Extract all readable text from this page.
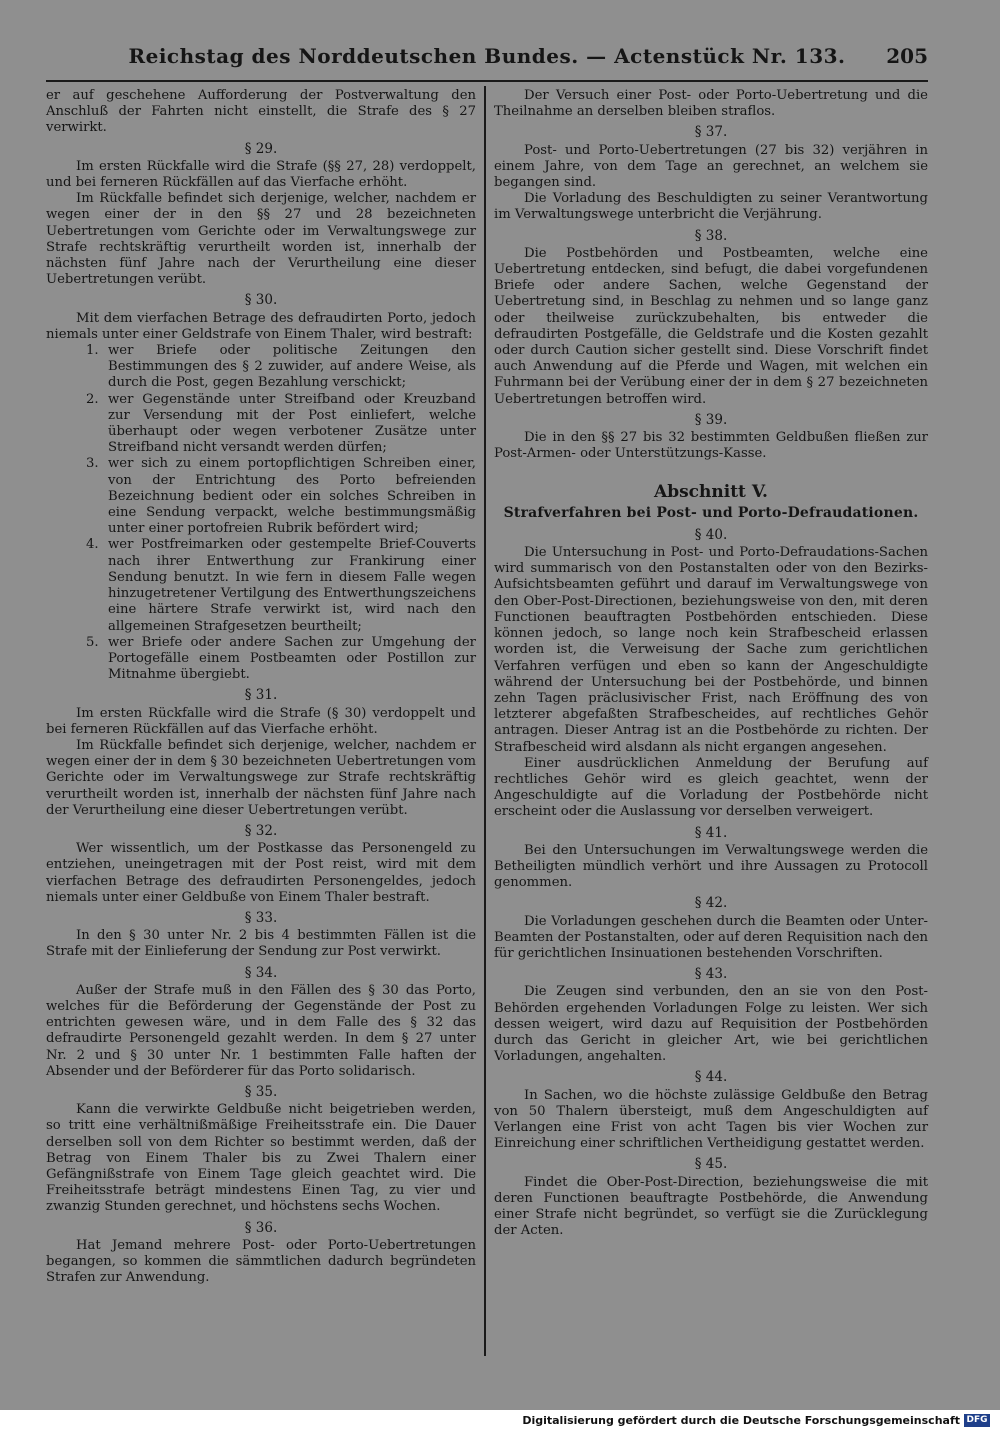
Reichstag des Norddeutschen Bundes. — Actenstück Nr. 133.	205

er auf geschehene Aufforderung der Postverwaltung den Anschluß der Fahrten nicht einstellt, die Strafe des § 27 verwirkt.

§ 29.

Im ersten Rückfalle wird die Strafe (§§ 27, 28) verdoppelt, und bei ferneren Rückfällen auf das Vierfache erhöht.

Im Rückfalle befindet sich derjenige, welcher, nachdem er wegen einer der in den §§ 27 und 28 bezeichneten Uebertretungen vom Gerichte oder im Verwaltungswege zur Strafe rechtskräftig verurtheilt worden ist, innerhalb der nächsten fünf Jahre nach der Verurtheilung eine dieser Uebertretungen verübt.

§ 30.

Mit dem vierfachen Betrage des defraudirten Porto, jedoch niemals unter einer Geldstrafe von Einem Thaler, wird bestraft:

1. wer Briefe oder politische Zeitungen den Bestimmungen des § 2 zuwider, auf andere Weise, als durch die Post, gegen Bezahlung verschickt;
2. wer Gegenstände unter Streifband oder Kreuzband zur Versendung mit der Post einliefert, welche überhaupt oder wegen verbotener Zusätze unter Streifband nicht versandt werden dürfen;
3. wer sich zu einem portopflichtigen Schreiben einer, von der Entrichtung des Porto befreienden Bezeichnung bedient oder ein solches Schreiben in eine Sendung verpackt, welche bestimmungsmäßig unter einer portofreien Rubrik befördert wird;
4. wer Postfreimarken oder gestempelte Brief-Couverts nach ihrer Entwerthung zur Frankirung einer Sendung benutzt. In wie fern in diesem Falle wegen hinzugetretener Vertilgung des Entwerthungszeichens eine härtere Strafe verwirkt ist, wird nach den allgemeinen Strafgesetzen beurtheilt;
5. wer Briefe oder andere Sachen zur Umgehung der Portogefälle einem Postbeamten oder Postillon zur Mitnahme übergiebt.
§ 31.

Im ersten Rückfalle wird die Strafe (§ 30) verdoppelt und bei ferneren Rückfällen auf das Vierfache erhöht.

Im Rückfalle befindet sich derjenige, welcher, nachdem er wegen einer der in dem § 30 bezeichneten Uebertretungen vom Gerichte oder im Verwaltungswege zur Strafe rechtskräftig verurtheilt worden ist, innerhalb der nächsten fünf Jahre nach der Verurtheilung eine dieser Uebertretungen verübt.

§ 32.

Wer wissentlich, um der Postkasse das Personengeld zu entziehen, uneingetragen mit der Post reist, wird mit dem vierfachen Betrage des defraudirten Personengeldes, jedoch niemals unter einer Geldbuße von Einem Thaler bestraft.

§ 33.

In den § 30 unter Nr. 2 bis 4 bestimmten Fällen ist die Strafe mit der Einlieferung der Sendung zur Post verwirkt.

§ 34.

Außer der Strafe muß in den Fällen des § 30 das Porto, welches für die Beförderung der Gegenstände der Post zu entrichten gewesen wäre, und in dem Falle des § 32 das defraudirte Personengeld gezahlt werden. In dem § 27 unter Nr. 2 und § 30 unter Nr. 1 bestimmten Falle haften der Absender und der Beförderer für das Porto solidarisch.

§ 35.

Kann die verwirkte Geldbuße nicht beigetrieben werden, so tritt eine verhältnißmäßige Freiheitsstrafe ein. Die Dauer derselben soll von dem Richter so bestimmt werden, daß der Betrag von Einem Thaler bis zu Zwei Thalern einer Gefängnißstrafe von Einem Tage gleich geachtet wird. Die Freiheitsstrafe beträgt mindestens Einen Tag, zu vier und zwanzig Stunden gerechnet, und höchstens sechs Wochen.

§ 36.

Hat Jemand mehrere Post- oder Porto-Uebertretungen begangen, so kommen die sämmtlichen dadurch begründeten Strafen zur Anwendung.

Der Versuch einer Post- oder Porto-Uebertretung und die Theilnahme an derselben bleiben straflos.

§ 37.

Post- und Porto-Uebertretungen (27 bis 32) verjähren in einem Jahre, von dem Tage an gerechnet, an welchem sie begangen sind.

Die Vorladung des Beschuldigten zu seiner Verantwortung im Verwaltungswege unterbricht die Verjährung.

§ 38.

Die Postbehörden und Postbeamten, welche eine Uebertretung entdecken, sind befugt, die dabei vorgefundenen Briefe oder andere Sachen, welche Gegenstand der Uebertretung sind, in Beschlag zu nehmen und so lange ganz oder theilweise zurückzubehalten, bis entweder die defraudirten Postgefälle, die Geldstrafe und die Kosten gezahlt oder durch Caution sicher gestellt sind. Diese Vorschrift findet auch Anwendung auf die Pferde und Wagen, mit welchen ein Fuhrmann bei der Verübung einer der in dem § 27 bezeichneten Uebertretungen betroffen wird.

§ 39.

Die in den §§ 27 bis 32 bestimmten Geldbußen fließen zur Post-Armen- oder Unterstützungs-Kasse.

Abschnitt V.
Strafverfahren bei Post- und Porto-Defraudationen.
§ 40.

Die Untersuchung in Post- und Porto-Defraudations-Sachen wird summarisch von den Postanstalten oder von den Bezirks-Aufsichtsbeamten geführt und darauf im Verwaltungswege von den Ober-Post-Directionen, beziehungsweise von den, mit deren Functionen beauftragten Postbehörden entschieden. Diese können jedoch, so lange noch kein Strafbescheid erlassen worden ist, die Verweisung der Sache zum gerichtlichen Verfahren verfügen und eben so kann der Angeschuldigte während der Untersuchung bei der Postbehörde, und binnen zehn Tagen präclusivischer Frist, nach Eröffnung des von letzterer abgefaßten Strafbescheides, auf rechtliches Gehör antragen. Dieser Antrag ist an die Postbehörde zu richten. Der Strafbescheid wird alsdann als nicht ergangen angesehen.

Einer ausdrücklichen Anmeldung der Berufung auf rechtliches Gehör wird es gleich geachtet, wenn der Angeschuldigte auf die Vorladung der Postbehörde nicht erscheint oder die Auslassung vor derselben verweigert.

§ 41.

Bei den Untersuchungen im Verwaltungswege werden die Betheiligten mündlich verhört und ihre Aussagen zu Protocoll genommen.

§ 42.

Die Vorladungen geschehen durch die Beamten oder Unter-Beamten der Postanstalten, oder auf deren Requisition nach den für gerichtlichen Insinuationen bestehenden Vorschriften.

§ 43.

Die Zeugen sind verbunden, den an sie von den Post-Behörden ergehenden Vorladungen Folge zu leisten. Wer sich dessen weigert, wird dazu auf Requisition der Postbehörden durch das Gericht in gleicher Art, wie bei gerichtlichen Vorladungen, angehalten.

§ 44.

In Sachen, wo die höchste zulässige Geldbuße den Betrag von 50 Thalern übersteigt, muß dem Angeschuldigten auf Verlangen eine Frist von acht Tagen bis vier Wochen zur Einreichung einer schriftlichen Vertheidigung gestattet werden.

§ 45.

Findet die Ober-Post-Direction, beziehungsweise die mit deren Functionen beauftragte Postbehörde, die Anwendung einer Strafe nicht begründet, so verfügt sie die Zurücklegung der Acten.

Digitalisierung gefördert durch die Deutsche Forschungsgemeinschaft DFG
